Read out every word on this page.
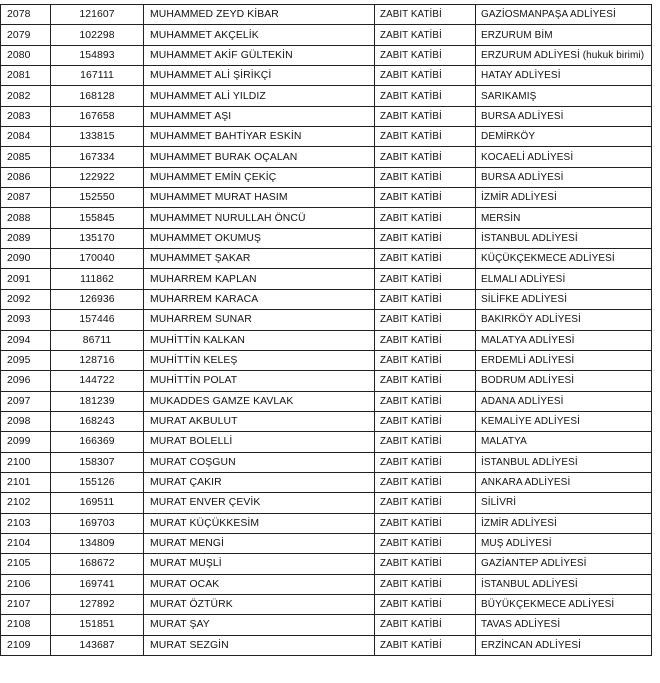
2078	121607	MUHAMMED ZEYD KİBAR	ZABIT KATİBİ	GAZİOSMANPAŞA ADLİYESİ
2079	102298	MUHAMMET AKÇELİK	ZABIT KATİBİ	ERZURUM BİM
2080	154893	MUHAMMET AKİF GÜLTEKİN	ZABIT KATİBİ	ERZURUM ADLİYESİ (hukuk birimi)
2081	167111	MUHAMMET ALİ ŞİRİKÇİ	ZABIT KATİBİ	HATAY ADLİYESİ
2082	168128	MUHAMMET ALİ YILDIZ	ZABIT KATİBİ	SARIKAMIŞ
2083	167658	MUHAMMET AŞI	ZABIT KATİBİ	BURSA ADLİYESİ
2084	133815	MUHAMMET BAHTİYAR ESKİN	ZABIT KATİBİ	DEMİRKÖY
2085	167334	MUHAMMET BURAK OÇALAN	ZABIT KATİBİ	KOCAELİ ADLİYESİ
2086	122922	MUHAMMET EMİN ÇEKİÇ	ZABIT KATİBİ	BURSA ADLİYESİ
2087	152550	MUHAMMET MURAT HASIM	ZABIT KATİBİ	İZMİR ADLİYESİ
2088	155845	MUHAMMET NURULLAH ÖNCÜ	ZABIT KATİBİ	MERSİN
2089	135170	MUHAMMET OKUMUŞ	ZABIT KATİBİ	İSTANBUL ADLİYESİ
2090	170040	MUHAMMET ŞAKAR	ZABIT KATİBİ	KÜÇÜKÇEKMECE ADLİYESİ
2091	111862	MUHARREM KAPLAN	ZABIT KATİBİ	ELMALI ADLİYESİ
2092	126936	MUHARREM KARACA	ZABIT KATİBİ	SİLİFKE ADLİYESİ
2093	157446	MUHARREM SUNAR	ZABIT KATİBİ	BAKIRKÖY ADLİYESİ
2094	86711	MUHİTTİN KALKAN	ZABIT KATİBİ	MALATYA ADLİYESİ
2095	128716	MUHİTTİN KELEŞ	ZABIT KATİBİ	ERDEMLİ ADLİYESİ
2096	144722	MUHİTTİN POLAT	ZABIT KATİBİ	BODRUM ADLİYESİ
2097	181239	MUKADDES GAMZE KAVLAK	ZABIT KATİBİ	ADANA ADLİYESİ
2098	168243	MURAT AKBULUT	ZABIT KATİBİ	KEMALİYE ADLİYESİ
2099	166369	MURAT BOLELLİ	ZABIT KATİBİ	MALATYA
2100	158307	MURAT COŞGUN	ZABIT KATİBİ	İSTANBUL ADLİYESİ
2101	155126	MURAT ÇAKIR	ZABIT KATİBİ	ANKARA ADLİYESİ
2102	169511	MURAT ENVER ÇEVİK	ZABIT KATİBİ	SİLİVRİ
2103	169703	MURAT KÜÇÜKKESİM	ZABIT KATİBİ	İZMİR ADLİYESİ
2104	134809	MURAT MENGİ	ZABIT KATİBİ	MUŞ ADLİYESİ
2105	168672	MURAT MUŞLİ	ZABIT KATİBİ	GAZİANTEP ADLİYESİ
2106	169741	MURAT OCAK	ZABIT KATİBİ	İSTANBUL ADLİYESİ
2107	127892	MURAT ÖZTÜRK	ZABIT KATİBİ	BÜYÜKÇEKMECE ADLİYESİ
2108	151851	MURAT ŞAY	ZABIT KATİBİ	TAVAS ADLİYESİ
2109	143687	MURAT SEZGİN	ZABIT KATİBİ	ERZİNCAN ADLİYESİ
